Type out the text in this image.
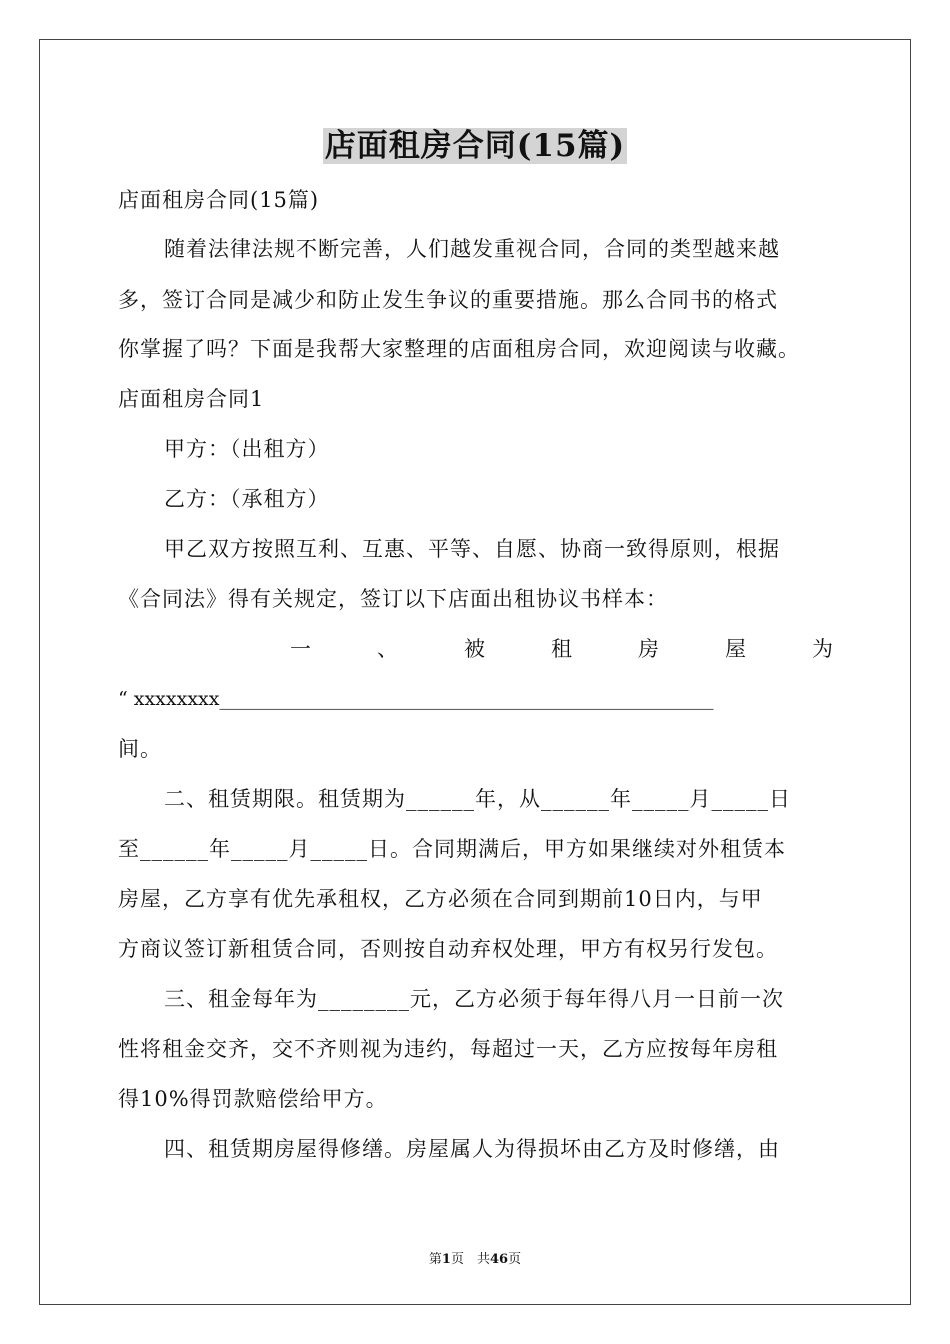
店面租房合同(15篇)
店面租房合同(15篇)
随着法律法规不断完善，人们越发重视合同，合同的类型越来越
多，签订合同是减少和防止发生争议的重要措施。那么合同书的格式
你掌握了吗？下面是我帮大家整理的店面租房合同，欢迎阅读与收藏。
店面租房合同1
甲方：（出租方）
乙方：（承租方）
甲乙双方按照互利、互惠、平等、自愿、协商一致得原则，根据
《合同法》得有关规定，签订以下店面出租协议书样本：
一	、	被	租	房	屋	为
“ xxxxxxxx____________________________________________________
间。
二、租赁期限。租赁期为______年，从______年_____月_____日
至______年_____月_____日。合同期满后，甲方如果继续对外租赁本
房屋，乙方享有优先承租权，乙方必须在合同到期前10日内，与甲
方商议签订新租赁合同，否则按自动弃权处理，甲方有权另行发包。
三、租金每年为________元，乙方必须于每年得八月一日前一次
性将租金交齐，交不齐则视为违约，每超过一天，乙方应按每年房租
得10%得罚款赔偿给甲方。
四、租赁期房屋得修缮。房屋属人为得损坏由乙方及时修缮，由
第1页　共46页
